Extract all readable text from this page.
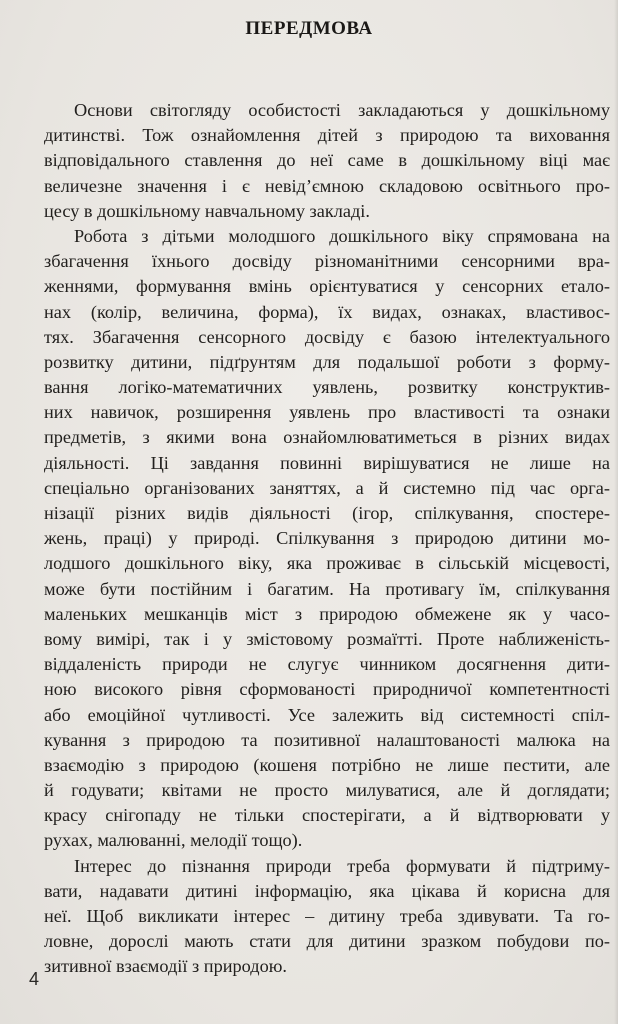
ПЕРЕДМОВА
Основи світогляду особистості закладаються у дошкільному
дитинстві. Тож ознайомлення дітей з природою та виховання
відповідального ставлення до неї саме в дошкільному віці має
величезне значення і є невід’ємною складовою освітнього про-
цесу в дошкільному навчальному закладі.
Робота з дітьми молодшого дошкільного віку спрямована на
збагачення їхнього досвіду різноманітними сенсорними вра-
женнями, формування вмінь орієнтуватися у сенсорних етало-
нах (колір, величина, форма), їх видах, ознаках, властивос-
тях. Збагачення сенсорного досвіду є базою інтелектуального
розвитку дитини, підґрунтям для подальшої роботи з форму-
вання логіко-математичних уявлень, розвитку конструктив-
них навичок, розширення уявлень про властивості та ознаки
предметів, з якими вона ознайомлюватиметься в різних видах
діяльності. Ці завдання повинні вирішуватися не лише на
спеціально організованих заняттях, а й системно під час орга-
нізації різних видів діяльності (ігор, спілкування, спостере-
жень, праці) у природі. Спілкування з природою дитини мо-
лодшого дошкільного віку, яка проживає в сільській місцевості,
може бути постійним і багатим. На противагу їм, спілкування
маленьких мешканців міст з природою обмежене як у часо-
вому вимірі, так і у змістовому розмаїтті. Проте наближеність-
віддаленість природи не слугує чинником досягнення дити-
ною високого рівня сформованості природничої компетентності
або емоційної чутливості. Усе залежить від системності спіл-
кування з природою та позитивної налаштованості малюка на
взаємодію з природою (кошеня потрібно не лише пестити, але
й годувати; квітами не просто милуватися, але й доглядати;
красу снігопаду не тільки спостерігати, а й відтворювати у
рухах, малюванні, мелодії тощо).
Інтерес до пізнання природи треба формувати й підтриму-
вати, надавати дитині інформацію, яка цікава й корисна для
неї. Щоб викликати інтерес – дитину треба здивувати. Та го-
ловне, дорослі мають стати для дитини зразком побудови по-
зитивної взаємодії з природою.
4
